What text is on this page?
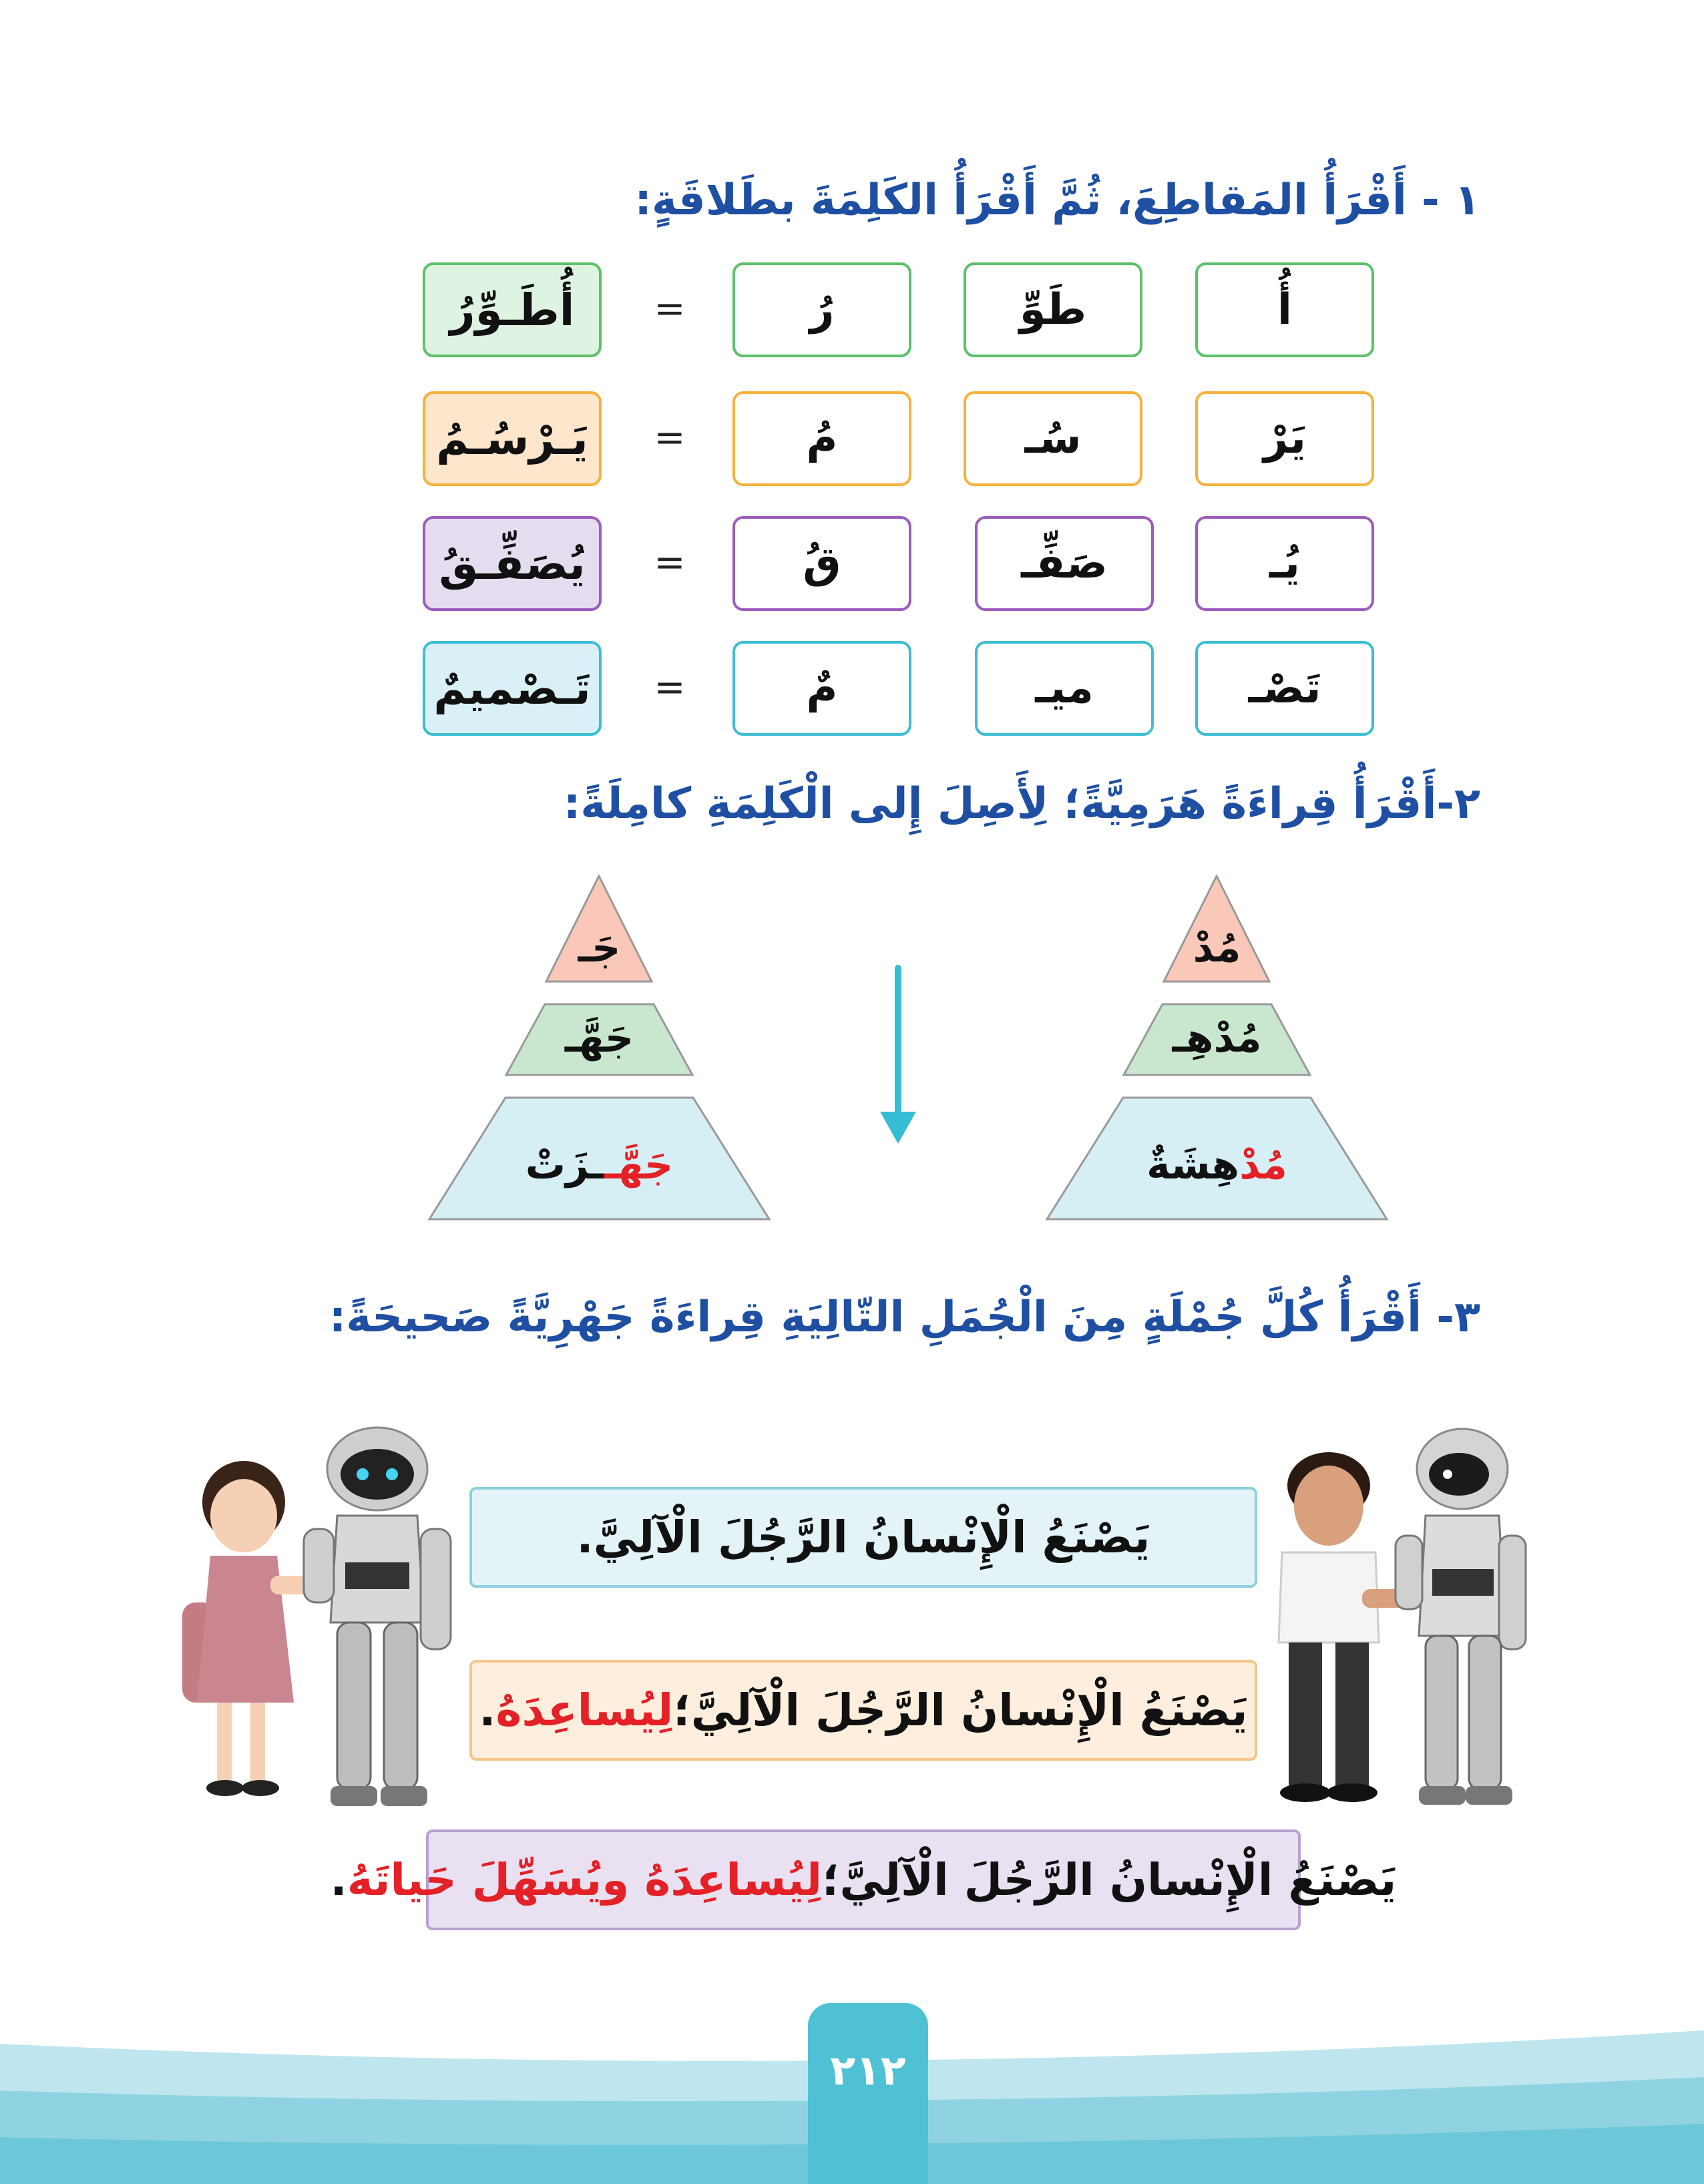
١ - أَقْرَأُ المَقاطِعَ، ثُمَّ أَقْرَأُ الكَلِمَةَ بطَلاقَةٍ:
أُ
طَوِّ
رُ
=
أُطَـوِّرُ
يَرْ
سُـ
مُ
=
يَـرْسُـمُ
يُـ
صَفِّـ
قُ
=
يُصَفِّـقُ
تَصْـ
ميـ
مٌ
=
تَـصْميمٌ
٢-أَقْرَأُ قِراءَةً هَرَمِيَّةً؛ لِأَصِلَ إِلى الْكَلِمَةِ كامِلَةً:
مُدْ
مُدْهِـ
مُدْهِشَةٌ
جَـ
جَهَّـ
جَهَّــزَتْ
٣- أَقْرَأُ كُلَّ جُمْلَةٍ مِنَ الْجُمَلِ التّالِيَةِ قِراءَةً جَهْرِيَّةً صَحيحَةً:
يَصْنَعُ الْإِنْسانُ الرَّجُلَ الْآلِيَّ.
يَصْنَعُ الْإِنْسانُ الرَّجُلَ الْآلِيَّ؛
لِيُساعِدَهُ
.
يَصْنَعُ الْإِنْسانُ الرَّجُلَ الْآلِيَّ؛
لِيُساعِدَهُ ويُسَهِّلَ حَياتَهُ
.
٢١٢
